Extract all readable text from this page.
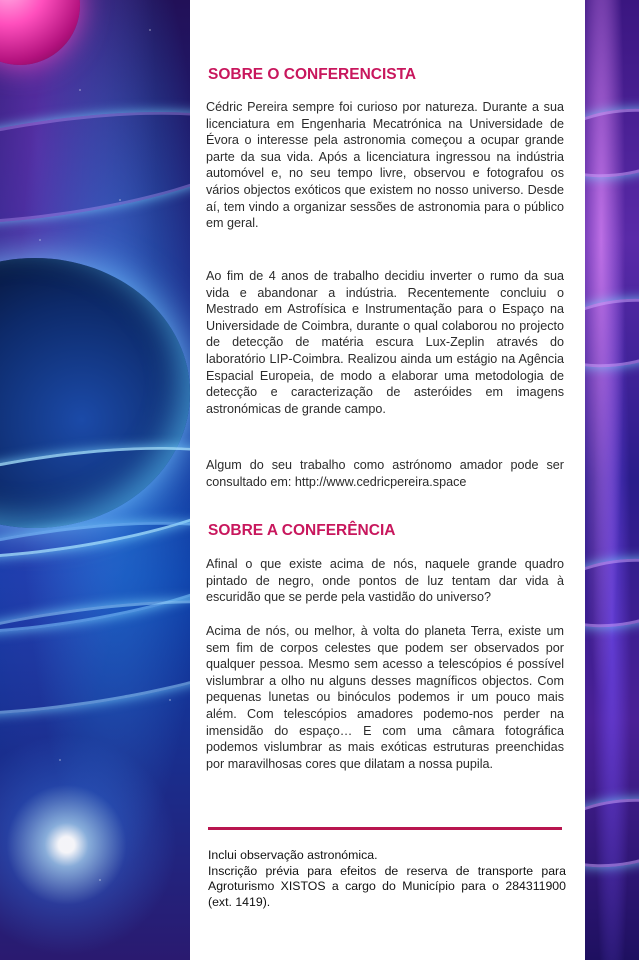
SOBRE O CONFERENCISTA

Cédric Pereira sempre foi curioso por natureza. Durante a sua licenciatura em Engenharia Mecatrónica na Universidade de Évora o interesse pela astronomia começou a ocupar grande parte da sua vida. Após a licenciatura ingressou na indústria automóvel e, no seu tempo livre, observou e fotografou os vários objectos exóticos que existem no nosso universo. Desde aí, tem vindo a organizar sessões de astronomia para o público em geral.

Ao fim de 4 anos de trabalho decidiu inverter o rumo da sua vida e abandonar a indústria. Recentemente concluiu o Mestrado em Astrofísica e Instrumentação para o Espaço na Universidade de Coimbra, durante o qual colaborou no projecto de detecção de matéria escura Lux-Zeplin através do laboratório LIP-Coimbra. Realizou ainda um estágio na Agência Espacial Europeia, de modo a elaborar uma metodologia de detecção e caracterização de asteróides em imagens astronómicas de grande campo.

Algum do seu trabalho como astrónomo amador pode ser consultado em: http://www.cedricpereira.space

SOBRE A CONFERÊNCIA

Afinal o que existe acima de nós, naquele grande quadro pintado de negro, onde pontos de luz tentam dar vida à escuridão que se perde pela vastidão do universo?

Acima de nós, ou melhor, à volta do planeta Terra, existe um sem fim de corpos celestes que podem ser observados por qualquer pessoa. Mesmo sem acesso a telescópios é possível vislumbrar a olho nu alguns desses magníficos objectos. Com pequenas lunetas ou binóculos podemos ir um pouco mais além. Com telescópios amadores podemo-nos perder na imensidão do espaço… E com uma câmara fotográfica podemos vislumbrar as mais exóticas estruturas preenchidas por maravilhosas cores que dilatam a nossa pupila.

Inclui observação astronómica.
Inscrição prévia para efeitos de reserva de transporte para Agroturismo XISTOS a cargo do Município para o 284311900 (ext. 1419).
